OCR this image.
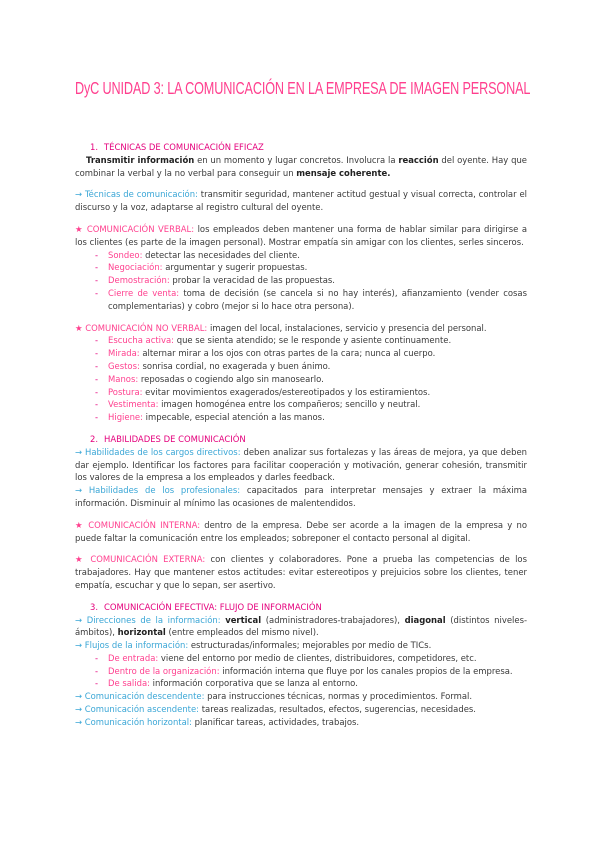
DyC UNIDAD 3: LA COMUNICACIÓN EN LA EMPRESA DE IMAGEN PERSONAL

1. TÉCNICAS DE COMUNICACIÓN EFICAZ

Transmitir información en un momento y lugar concretos. Involucra la reacción del oyente. Hay que combinar la verbal y la no verbal para conseguir un mensaje coherente.

→ Técnicas de comunicación: transmitir seguridad, mantener actitud gestual y visual correcta, controlar el discurso y la voz, adaptarse al registro cultural del oyente.

★ COMUNICACIÓN VERBAL: los empleados deben mantener una forma de hablar similar para dirigirse a los clientes (es parte de la imagen personal). Mostrar empatía sin amigar con los clientes, serles sinceros.

- Sondeo: detectar las necesidades del cliente.
- Negociación: argumentar y sugerir propuestas.
- Demostración: probar la veracidad de las propuestas.
- Cierre de venta: toma de decisión (se cancela si no hay interés), afianzamiento (vender cosas complementarias) y cobro (mejor si lo hace otra persona).

★ COMUNICACIÓN NO VERBAL: imagen del local, instalaciones, servicio y presencia del personal.

- Escucha activa: que se sienta atendido; se le responde y asiente continuamente.
- Mirada: alternar mirar a los ojos con otras partes de la cara; nunca al cuerpo.
- Gestos: sonrisa cordial, no exagerada y buen ánimo.
- Manos: reposadas o cogiendo algo sin manosearlo.
- Postura: evitar movimientos exagerados/estereotipados y los estiramientos.
- Vestimenta: imagen homogénea entre los compañeros; sencillo y neutral.
- Higiene: impecable, especial atención a las manos.

2. HABILIDADES DE COMUNICACIÓN

→ Habilidades de los cargos directivos: deben analizar sus fortalezas y las áreas de mejora, ya que deben dar ejemplo. Identificar los factores para facilitar cooperación y motivación, generar cohesión, transmitir los valores de la empresa a los empleados y darles feedback.

→ Habilidades de los profesionales: capacitados para interpretar mensajes y extraer la máxima información. Disminuir al mínimo las ocasiones de malentendidos.

★ COMUNICACIÓN INTERNA: dentro de la empresa. Debe ser acorde a la imagen de la empresa y no puede faltar la comunicación entre los empleados; sobreponer el contacto personal al digital.

★ COMUNICACIÓN EXTERNA: con clientes y colaboradores. Pone a prueba las competencias de los trabajadores. Hay que mantener estos actitudes: evitar estereotipos y prejuicios sobre los clientes, tener empatía, escuchar y que lo sepan, ser asertivo.

3. COMUNICACIÓN EFECTIVA: FLUJO DE INFORMACIÓN

→ Direcciones de la información: vertical (administradores-trabajadores), diagonal (distintos niveles-ámbitos), horizontal (entre empleados del mismo nivel).

→ Flujos de la información: estructuradas/informales; mejorables por medio de TICs.

- De entrada: viene del entorno por medio de clientes, distribuidores, competidores, etc.
- Dentro de la organización: información interna que fluye por los canales propios de la empresa.
- De salida: información corporativa que se lanza al entorno.

→ Comunicación descendente: para instrucciones técnicas, normas y procedimientos. Formal.

→ Comunicación ascendente: tareas realizadas, resultados, efectos, sugerencias, necesidades.

→ Comunicación horizontal: planificar tareas, actividades, trabajos.
